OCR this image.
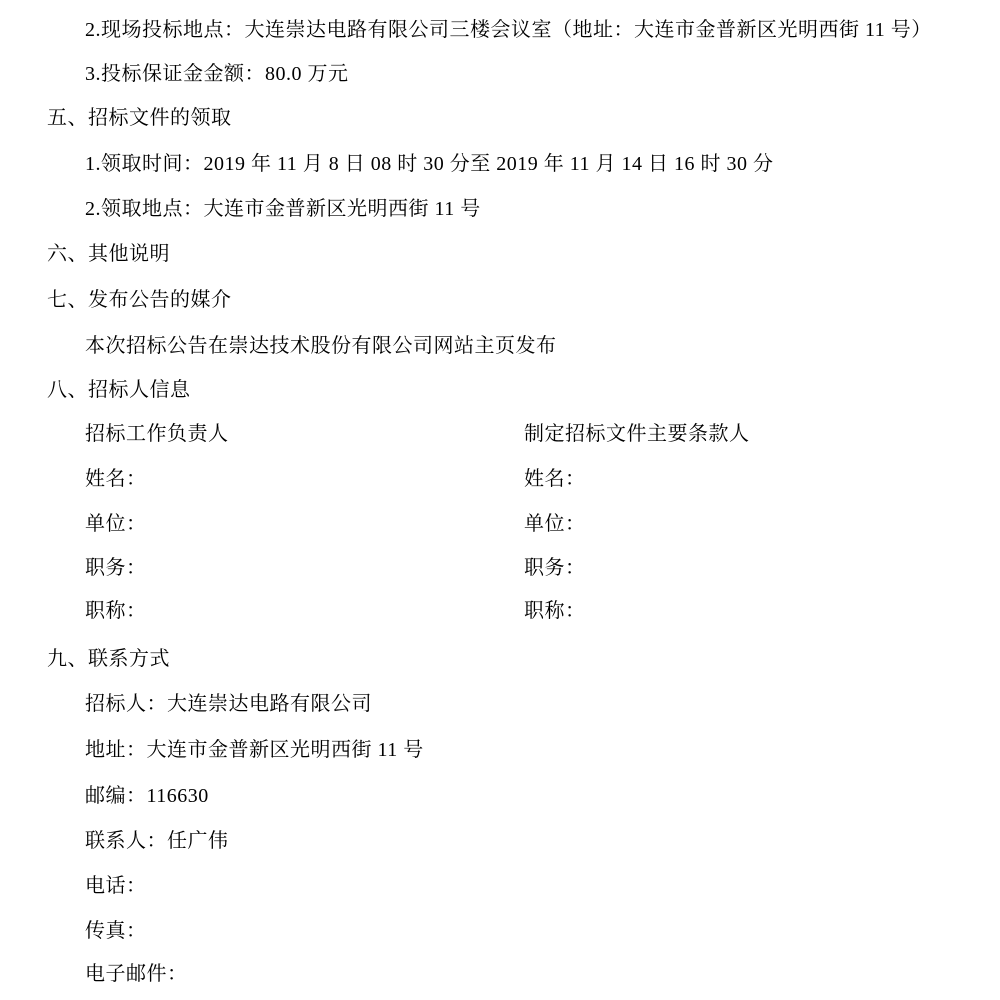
2.现场投标地点：大连崇达电路有限公司三楼会议室（地址：大连市金普新区光明西街 11 号）
3.投标保证金金额：80.0 万元
五、招标文件的领取
1.领取时间：2019 年 11 月 8 日 08 时 30 分至 2019 年 11 月 14 日 16 时 30 分
2.领取地点：大连市金普新区光明西街 11 号
六、其他说明
七、发布公告的媒介
本次招标公告在崇达技术股份有限公司网站主页发布
八、招标人信息
招标工作负责人	制定招标文件主要条款人
姓名：	姓名：
单位：	单位：
职务：	职务：
职称：	职称：
九、联系方式
招标人：大连崇达电路有限公司
地址：大连市金普新区光明西街 11 号
邮编：116630
联系人：任广伟
电话：
传真：
电子邮件：
